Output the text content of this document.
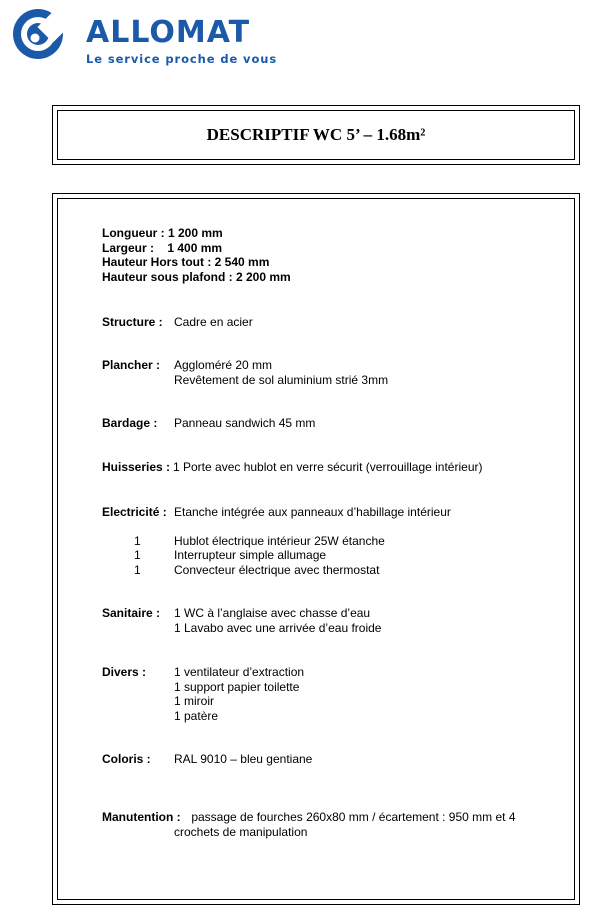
ALLOMAT
Le service proche de vous
DESCRIPTIF WC 5’ – 1.68m²
Longueur : 1 200 mm
Largeur :    1 400 mm
Hauteur Hors tout : 2 540 mm
Hauteur sous plafond : 2 200 mm
Structure : Cadre en acier
Plancher : Aggloméré 20 mm
Revêtement de sol aluminium strié 3mm
Bardage : Panneau sandwich 45 mm
Huisseries : 1 Porte avec hublot en verre sécurit (verrouillage intérieur)
Electricité : Etanche intégrée aux panneaux d’habillage intérieur
1	Hublot électrique intérieur 25W étanche
1	Interrupteur simple allumage
1	Convecteur électrique avec thermostat
Sanitaire : 1 WC à l’anglaise avec chasse d’eau
1 Lavabo avec une arrivée d’eau froide
Divers : 1 ventilateur d’extraction
1 support papier toilette
1 miroir
1 patère
Coloris : RAL 9010 – bleu gentiane
Manutention : passage de fourches 260x80 mm / écartement : 950 mm et 4
crochets de manipulation
